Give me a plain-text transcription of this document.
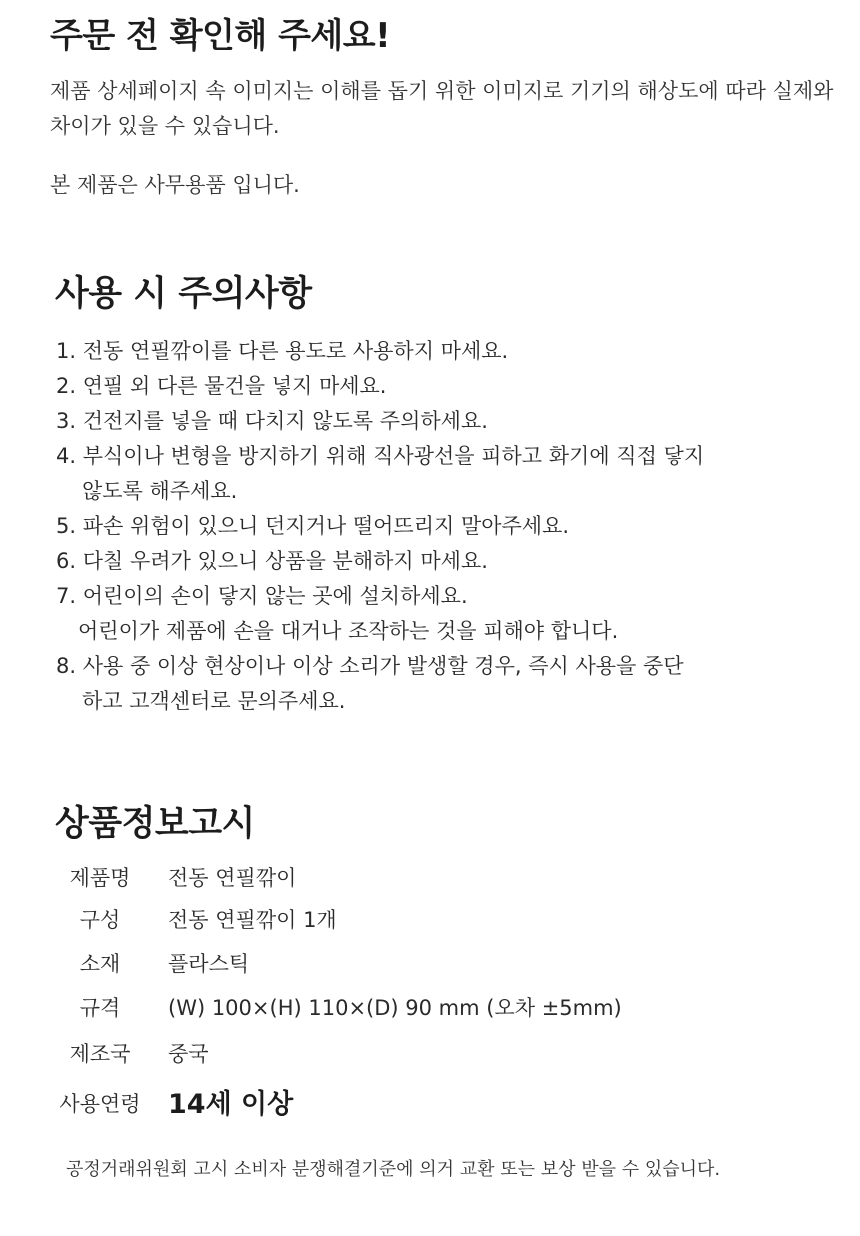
주문 전 확인해 주세요!

제품 상세페이지 속 이미지는 이해를 돕기 위한 이미지로 기기의 해상도에 따라 실제와 차이가 있을 수 있습니다.

본 제품은 사무용품 입니다.

사용 시 주의사항
1. 전동 연필깎이를 다른 용도로 사용하지 마세요.
2. 연필 외 다른 물건을 넣지 마세요.
3. 건전지를 넣을 때 다치지 않도록 주의하세요.
4. 부식이나 변형을 방지하기 위해 직사광선을 피하고 화기에 직접 닿지
않도록 해주세요.
5. 파손 위험이 있으니 던지거나 떨어뜨리지 말아주세요.
6. 다칠 우려가 있으니 상품을 분해하지 마세요.
7. 어린이의 손이 닿지 않는 곳에 설치하세요.
어린이가 제품에 손을 대거나 조작하는 것을 피해야 합니다.
8. 사용 중 이상 현상이나 이상 소리가 발생할 경우, 즉시 사용을 중단
하고 고객센터로 문의주세요.
상품정보고시
제품명	전동 연필깎이
구성	전동 연필깎이 1개
소재	플라스틱
규격	(W) 100×(H) 110×(D) 90 mm (오차 ±5mm)
제조국	중국
사용연령 14세 이상
공정거래위원회 고시 소비자 분쟁해결기준에 의거 교환 또는 보상 받을 수 있습니다.
